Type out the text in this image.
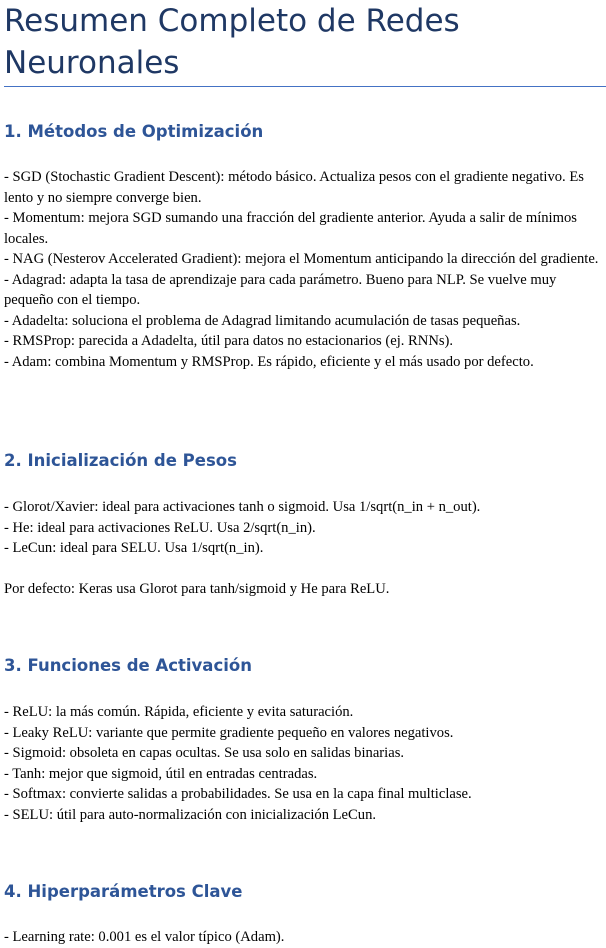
Resumen Completo de Redes Neuronales
1. Métodos de Optimización

- SGD (Stochastic Gradient Descent): método básico. Actualiza pesos con el gradiente negativo. Es lento y no siempre converge bien.

- Momentum: mejora SGD sumando una fracción del gradiente anterior. Ayuda a salir de mínimos locales.

- NAG (Nesterov Accelerated Gradient): mejora el Momentum anticipando la dirección del gradiente.

- Adagrad: adapta la tasa de aprendizaje para cada parámetro. Bueno para NLP. Se vuelve muy pequeño con el tiempo.

- Adadelta: soluciona el problema de Adagrad limitando acumulación de tasas pequeñas.

- RMSProp: parecida a Adadelta, útil para datos no estacionarios (ej. RNNs).

- Adam: combina Momentum y RMSProp. Es rápido, eficiente y el más usado por defecto.

2. Inicialización de Pesos

- Glorot/Xavier: ideal para activaciones tanh o sigmoid. Usa 1/sqrt(n_in + n_out).

- He: ideal para activaciones ReLU. Usa 2/sqrt(n_in).

- LeCun: ideal para SELU. Usa 1/sqrt(n_in).

Por defecto: Keras usa Glorot para tanh/sigmoid y He para ReLU.

3. Funciones de Activación

- ReLU: la más común. Rápida, eficiente y evita saturación.

- Leaky ReLU: variante que permite gradiente pequeño en valores negativos.

- Sigmoid: obsoleta en capas ocultas. Se usa solo en salidas binarias.

- Tanh: mejor que sigmoid, útil en entradas centradas.

- Softmax: convierte salidas a probabilidades. Se usa en la capa final multiclase.

- SELU: útil para auto-normalización con inicialización LeCun.

4. Hiperparámetros Clave

- Learning rate: 0.001 es el valor típico (Adam).
